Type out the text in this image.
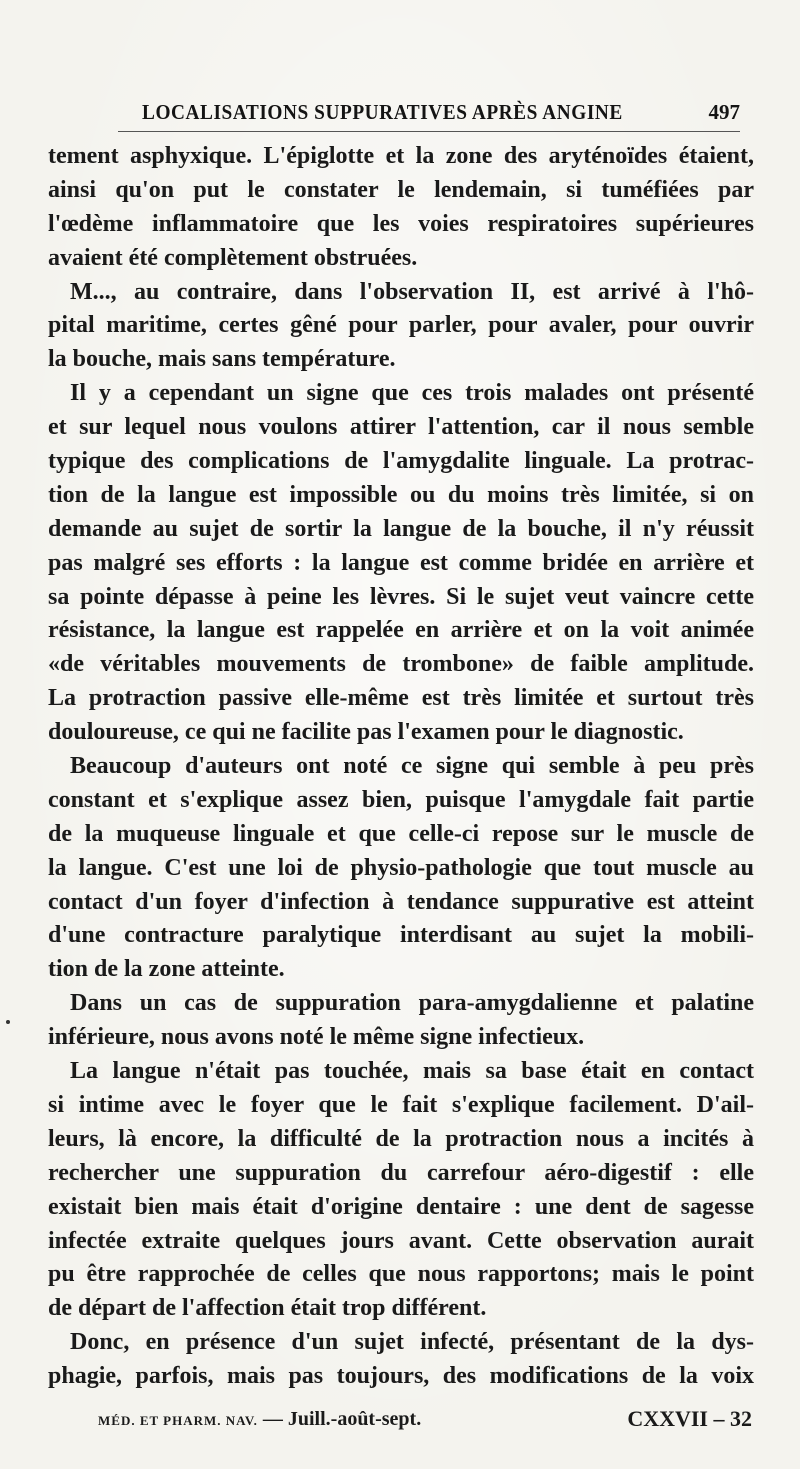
LOCALISATIONS SUPPURATIVES APRÈS ANGINE	497
tement asphyxique. L'épiglotte et la zone des aryténoïdes étaient,
ainsi qu'on put le constater le lendemain, si tuméfiées par
l'œdème inflammatoire que les voies respiratoires supérieures
avaient été complètement obstruées.
M..., au contraire, dans l'observation II, est arrivé à l'hô-
pital maritime, certes gêné pour parler, pour avaler, pour ouvrir
la bouche, mais sans température.
Il y a cependant un signe que ces trois malades ont présenté
et sur lequel nous voulons attirer l'attention, car il nous semble
typique des complications de l'amygdalite linguale. La protrac-
tion de la langue est impossible ou du moins très limitée, si on
demande au sujet de sortir la langue de la bouche, il n'y réussit
pas malgré ses efforts : la langue est comme bridée en arrière et
sa pointe dépasse à peine les lèvres. Si le sujet veut vaincre cette
résistance, la langue est rappelée en arrière et on la voit animée
«de véritables mouvements de trombone» de faible amplitude.
La protraction passive elle-même est très limitée et surtout très
douloureuse, ce qui ne facilite pas l'examen pour le diagnostic.
Beaucoup d'auteurs ont noté ce signe qui semble à peu près
constant et s'explique assez bien, puisque l'amygdale fait partie
de la muqueuse linguale et que celle-ci repose sur le muscle de
la langue. C'est une loi de physio-pathologie que tout muscle au
contact d'un foyer d'infection à tendance suppurative est atteint
d'une contracture paralytique interdisant au sujet la mobili-
tion de la zone atteinte.
Dans un cas de suppuration para-amygdalienne et palatine
inférieure, nous avons noté le même signe infectieux.
La langue n'était pas touchée, mais sa base était en contact
si intime avec le foyer que le fait s'explique facilement. D'ail-
leurs, là encore, la difficulté de la protraction nous a incités à
rechercher une suppuration du carrefour aéro-digestif : elle
existait bien mais était d'origine dentaire : une dent de sagesse
infectée extraite quelques jours avant. Cette observation aurait
pu être rapprochée de celles que nous rapportons; mais le point
de départ de l'affection était trop différent.
Donc, en présence d'un sujet infecté, présentant de la dys-
phagie, parfois, mais pas toujours, des modifications de la voix
MÉD. ET PHARM. NAV. — Juill.-août-sept.	CXXVII – 32
